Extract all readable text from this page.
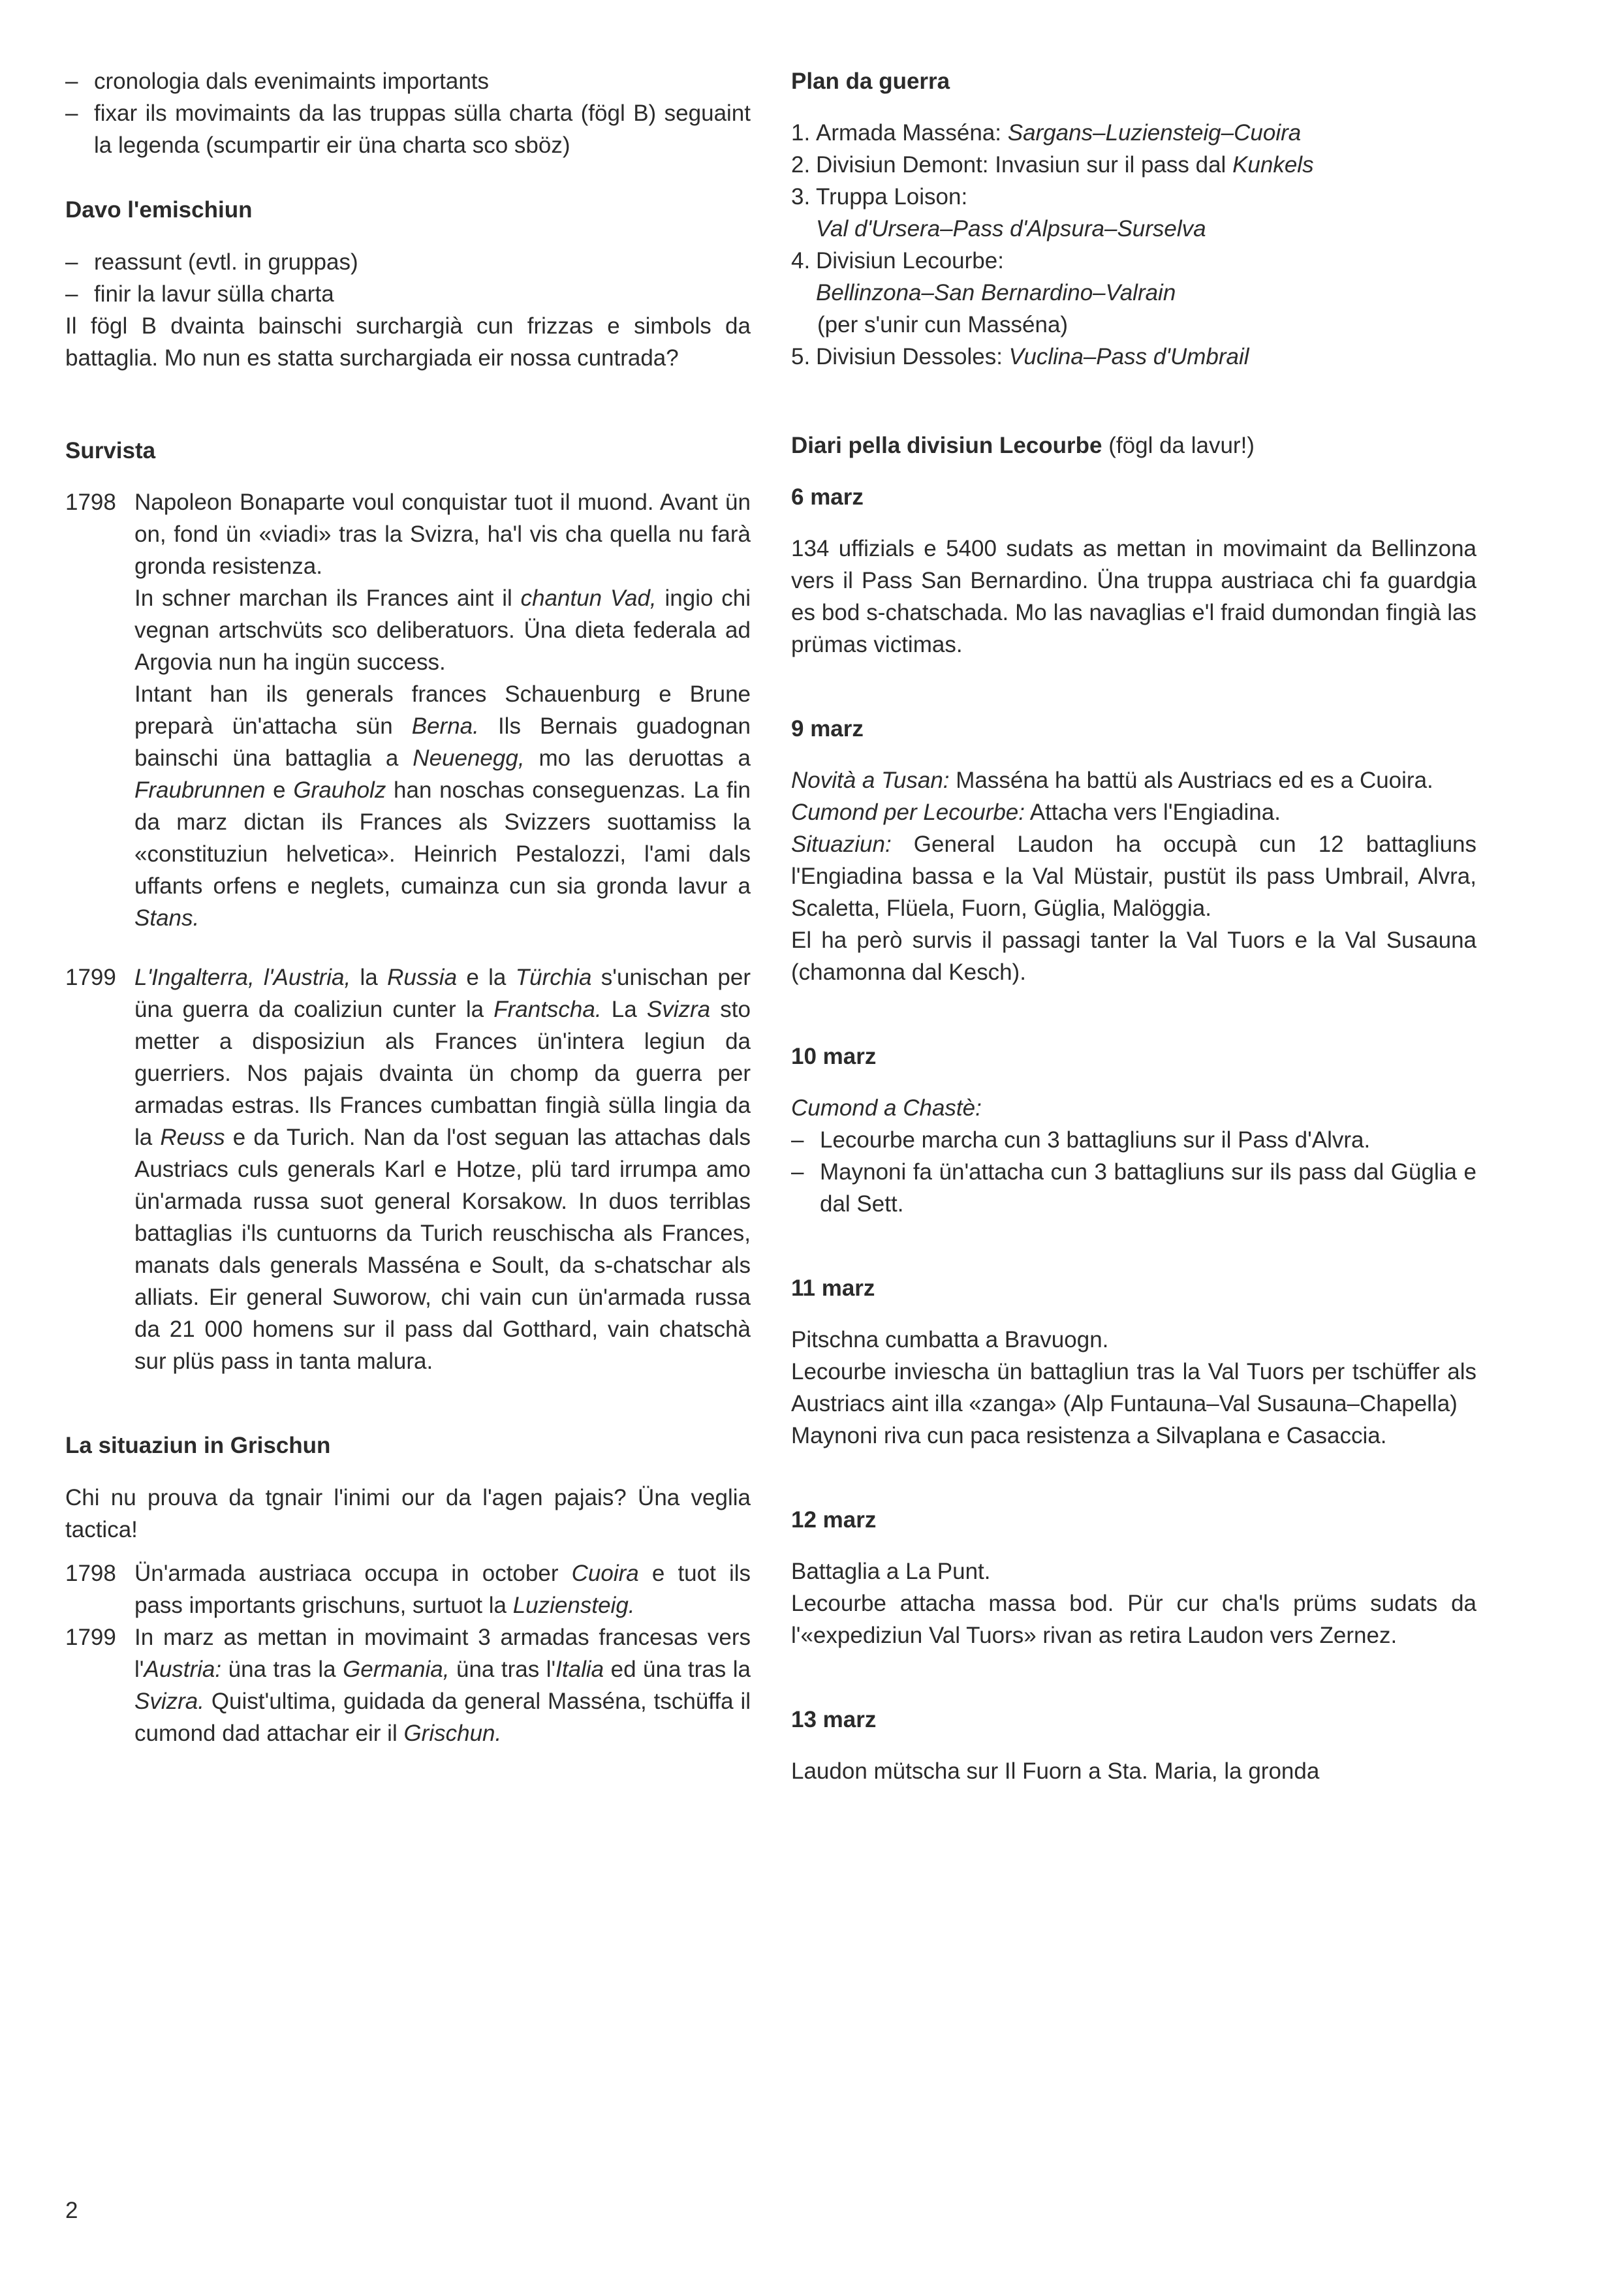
– cronologia dals evenimaints importants

– fixar ils movimaints da las truppas sülla charta (fögl B) seguaint la legenda (scumpartir eir üna charta sco sböz)

Davo l'emischiun

– reassunt (evtl. in gruppas)

– finir la lavur sülla charta

Il fögl B dvainta bainschi surchargià cun frizzas e simbols da battaglia. Mo nun es statta surchargiada eir nossa cuntrada?

Survista

1798 Napoleon Bonaparte voul conquistar tuot il muond. Avant ün on, fond ün «viadi» tras la Svizra, ha'l vis cha quella nu farà gronda resistenza.

In schner marchan ils Frances aint il chantun Vad, ingio chi vegnan artschvüts sco deliberatuors. Üna dieta federala ad Argovia nun ha ingün success.

Intant han ils generals frances Schauenburg e Brune preparà ün'attacha sün Berna. Ils Bernais guadognan bainschi üna battaglia a Neuenegg, mo las deruottas a Fraubrunnen e Grauholz han noschas conseguenzas. La fin da marz dictan ils Frances als Svizzers suottamiss la «constituziun helvetica». Heinrich Pestalozzi, l'ami dals uffants orfens e neglets, cumainza cun sia gronda lavur a Stans.

1799 L'Ingalterra, l'Austria, la Russia e la Türchia s'unischan per üna guerra da coaliziun cunter la Frantscha. La Svizra sto metter a disposiziun als Frances ün'intera legiun da guerriers. Nos pajais dvainta ün chomp da guerra per armadas estras. Ils Frances cumbattan fingià sülla lingia da la Reuss e da Turich. Nan da l'ost seguan las attachas dals Austriacs culs generals Karl e Hotze, plü tard irrumpa amo ün'armada russa suot general Korsakow. In duos terriblas battaglias i'ls cuntuorns da Turich reuschischa als Frances, manats dals generals Masséna e Soult, da s-chatschar als alliats. Eir general Suworow, chi vain cun ün'armada russa da 21 000 homens sur il pass dal Gotthard, vain chatschà sur plüs pass in tanta malura.

La situaziun in Grischun

Chi nu prouva da tgnair l'inimi our da l'agen pajais? Üna veglia tactica!

1798 Ün'armada austriaca occupa in october Cuoira e tuot ils pass importants grischuns, surtuot la Luziensteig.

1799 In marz as mettan in movimaint 3 armadas francesas vers l'Austria: üna tras la Germania, üna tras l'Italia ed üna tras la Svizra. Quist'ultima, guidada da general Masséna, tschüffa il cumond dad attachar eir il Grischun.

Plan da guerra

1. Armada Masséna: Sargans–Luziensteig–Cuoira

2. Divisiun Demont: Invasiun sur il pass dal Kunkels

3. Truppa Loison:

Val d'Ursera–Pass d'Alpsura–Surselva

4. Divisiun Lecourbe:

Bellinzona–San Bernardino–Valrain

(per s'unir cun Masséna)

5. Divisiun Dessoles: Vuclina–Pass d'Umbrail

Diari pella divisiun Lecourbe (fögl da lavur!)

6 marz

134 uffizials e 5400 sudats as mettan in movimaint da Bellinzona vers il Pass San Bernardino. Üna truppa austriaca chi fa guardgia es bod s-chatschada. Mo las navaglias e'l fraid dumondan fingià las prümas victimas.

9 marz

Novità a Tusan: Masséna ha battü als Austriacs ed es a Cuoira.

Cumond per Lecourbe: Attacha vers l'Engiadina.

Situaziun: General Laudon ha occupà cun 12 battagliuns l'Engiadina bassa e la Val Müstair, pustüt ils pass Umbrail, Alvra, Scaletta, Flüela, Fuorn, Güglia, Malöggia.

El ha però survis il passagi tanter la Val Tuors e la Val Susauna (chamonna dal Kesch).

10 marz

Cumond a Chastè:

– Lecourbe marcha cun 3 battagliuns sur il Pass d'Alvra.

– Maynoni fa ün'attacha cun 3 battagliuns sur ils pass dal Güglia e dal Sett.

11 marz

Pitschna cumbatta a Bravuogn.

Lecourbe inviescha ün battagliun tras la Val Tuors per tschüffer als Austriacs aint illa «zanga» (Alp Funtauna–Val Susauna–Chapella)

Maynoni riva cun paca resistenza a Silvaplana e Casaccia.

12 marz

Battaglia a La Punt.

Lecourbe attacha massa bod. Pür cur cha'ls prüms sudats da l'«expediziun Val Tuors» rivan as retira Laudon vers Zernez.

13 marz

Laudon mütscha sur Il Fuorn a Sta. Maria, la gronda

2
